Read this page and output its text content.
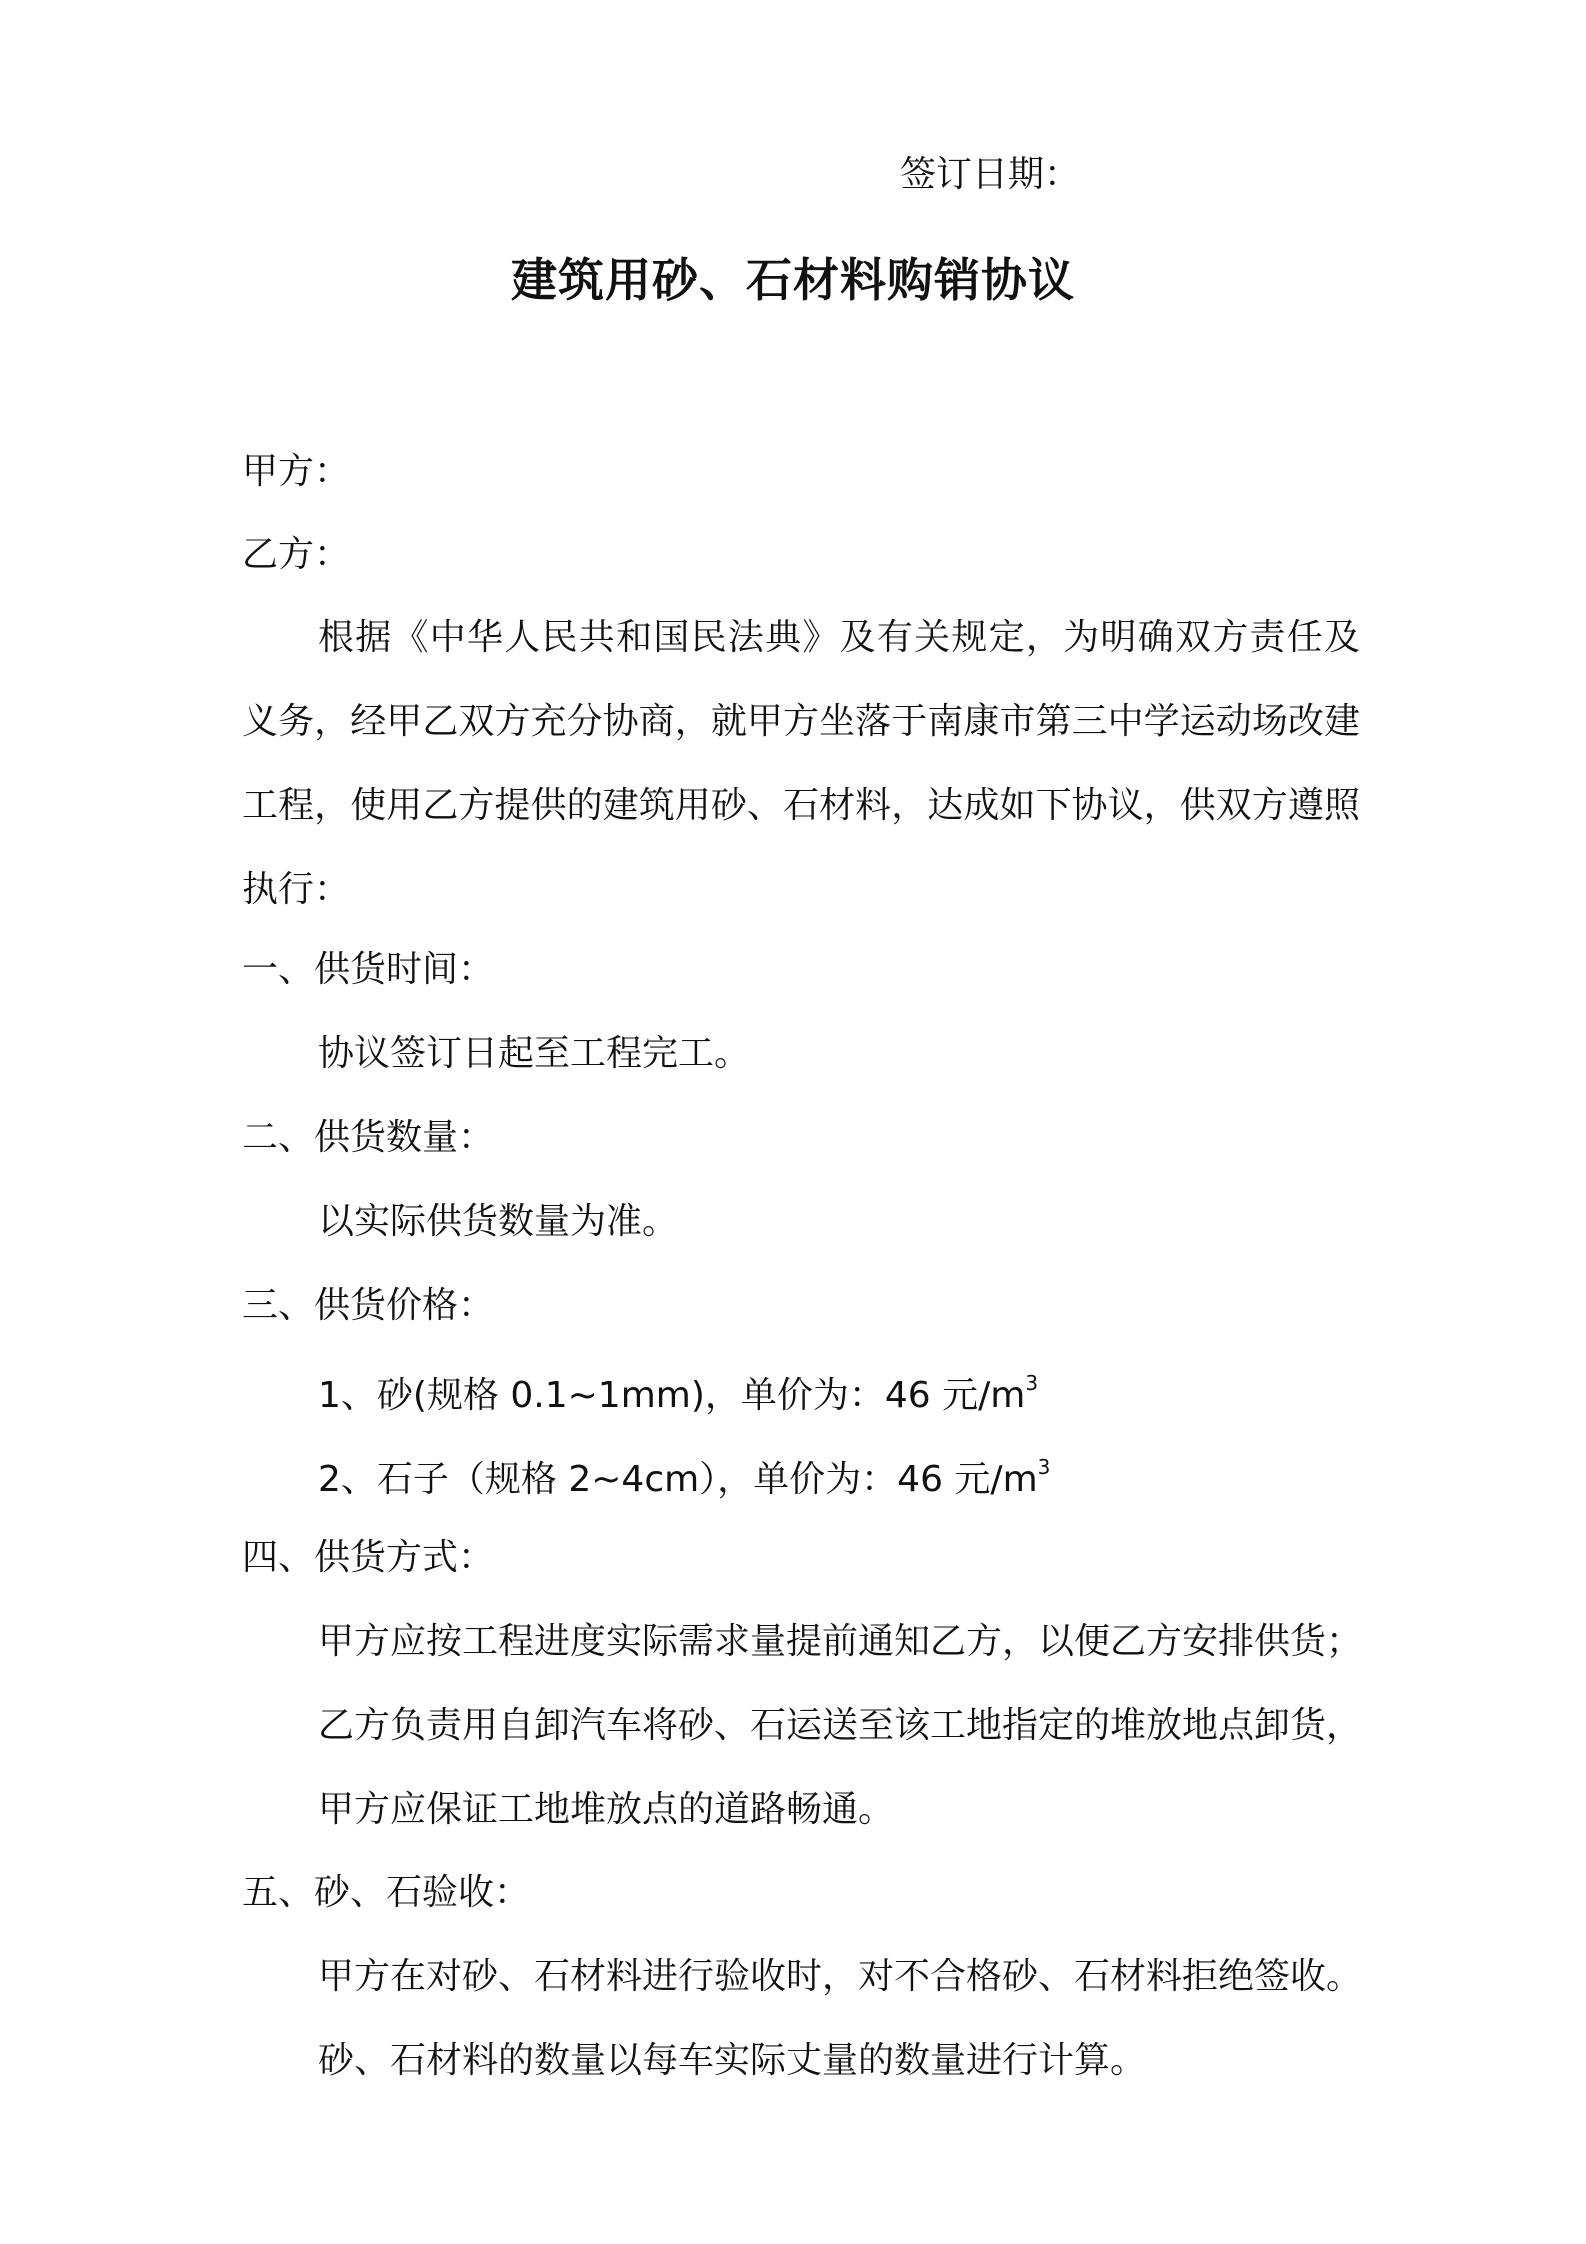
签订日期：
建筑用砂、石材料购销协议
甲方：
乙方：
根据《中华人民共和国民法典》及有关规定，为明确双方责任及义务，经甲乙双方充分协商，就甲方坐落于南康市第三中学运动场改建工程，使用乙方提供的建筑用砂、石材料，达成如下协议，供双方遵照执行：
一、供货时间：
协议签订日起至工程完工。
二、供货数量：
以实际供货数量为准。
三、供货价格：
1、砂(规格 0.1~1mm)，单价为：46 元$/m^3$
2、石子（规格 2~4cm），单价为：46 元$/m^3$
四、供货方式：
甲方应按工程进度实际需求量提前通知乙方，以便乙方安排供货；乙方负责用自卸汽车将砂、石运送至该工地指定的堆放地点卸货，甲方应保证工地堆放点的道路畅通。
五、砂、石验收：
甲方在对砂、石材料进行验收时，对不合格砂、石材料拒绝签收。
砂、石材料的数量以每车实际丈量的数量进行计算。
